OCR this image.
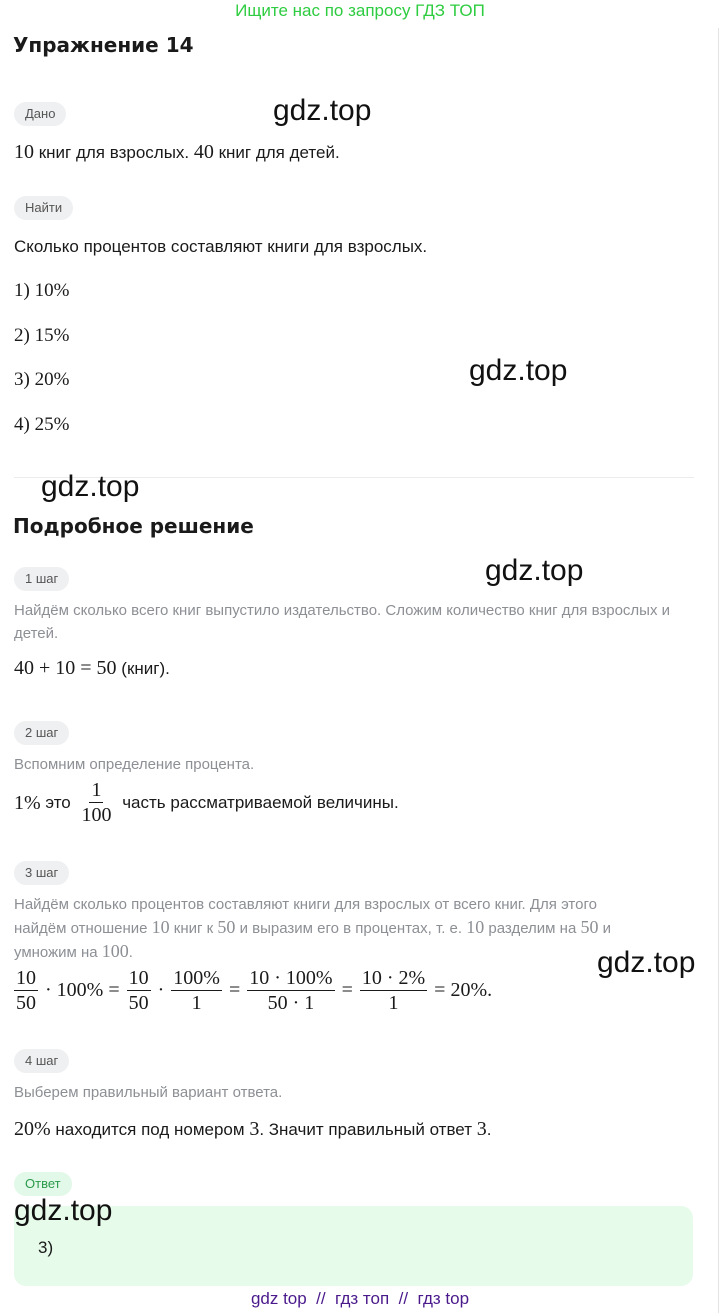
Ищите нас по запросу ГДЗ ТОП
Упражнение 14
Дано
10 книг для взрослых. 40 книг для детей.
Найти
Сколько процентов составляют книги для взрослых.
1) 10%
2) 15%
3) 20%
4) 25%
Подробное решение
1 шаг
Найдём сколько всего книг выпустило издательство. Сложим количество книг для взрослых и детей.
40 + 10 = 50 (книг).
2 шаг
Вспомним определение процента.
1% это $\frac{1}{100}$ часть рассматриваемой величины.
3 шаг
Найдём сколько процентов составляют книги для взрослых от всего книг. Для этого
найдём отношение 10 книг к 50 и выразим его в процентах, т. е. 10 разделим на 50 и
умножим на 100.
$\frac{10}{50} \cdot 100\% = \frac{10}{50} \cdot \frac{100\%}{1} = \frac{10 \cdot 100\%}{50 \cdot 1} = \frac{10 \cdot 2\%}{1} = 20\%$.
4 шаг
Выберем правильный вариант ответа.
20% находится под номером 3. Значит правильный ответ 3.
Ответ
3)
gdz.top
gdz.top
gdz.top
gdz.top
gdz.top
gdz.top
gdz top  //  гдз топ  //  гдз top
